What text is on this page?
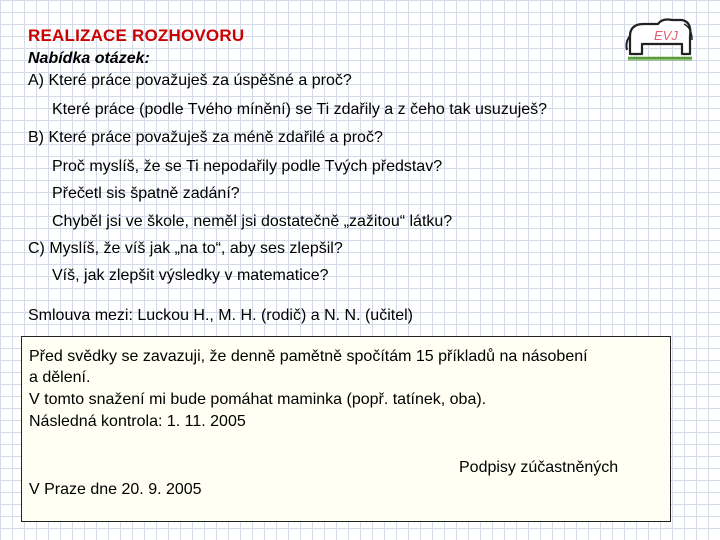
REALIZACE ROZHOVORU
Nabídka otázek:
EVJ
A) Které práce považuješ za úspěšné a proč?
Které práce (podle Tvého mínění) se Ti zdařily a z čeho tak usuzuješ?
B) Které práce považuješ za méně zdařilé a proč?
Proč myslíš, že se Ti nepodařily podle Tvých představ?
Přečetl sis špatně zadání?
Chyběl jsi ve škole, neměl jsi dostatečně „zažitou“ látku?
C) Myslíš, že víš jak „na to“, aby ses zlepšil?
Víš, jak zlepšit výsledky v matematice?
Smlouva mezi: Luckou H., M. H. (rodič) a N. N. (učitel)
Před svědky se zavazuji, že denně pamětně spočítám 15 příkladů na násobení
a dělení.
V tomto snažení mi bude pomáhat maminka (popř. tatínek, oba).
Následná kontrola: 1. 11. 2005
Podpisy zúčastněných
V Praze dne 20. 9. 2005
